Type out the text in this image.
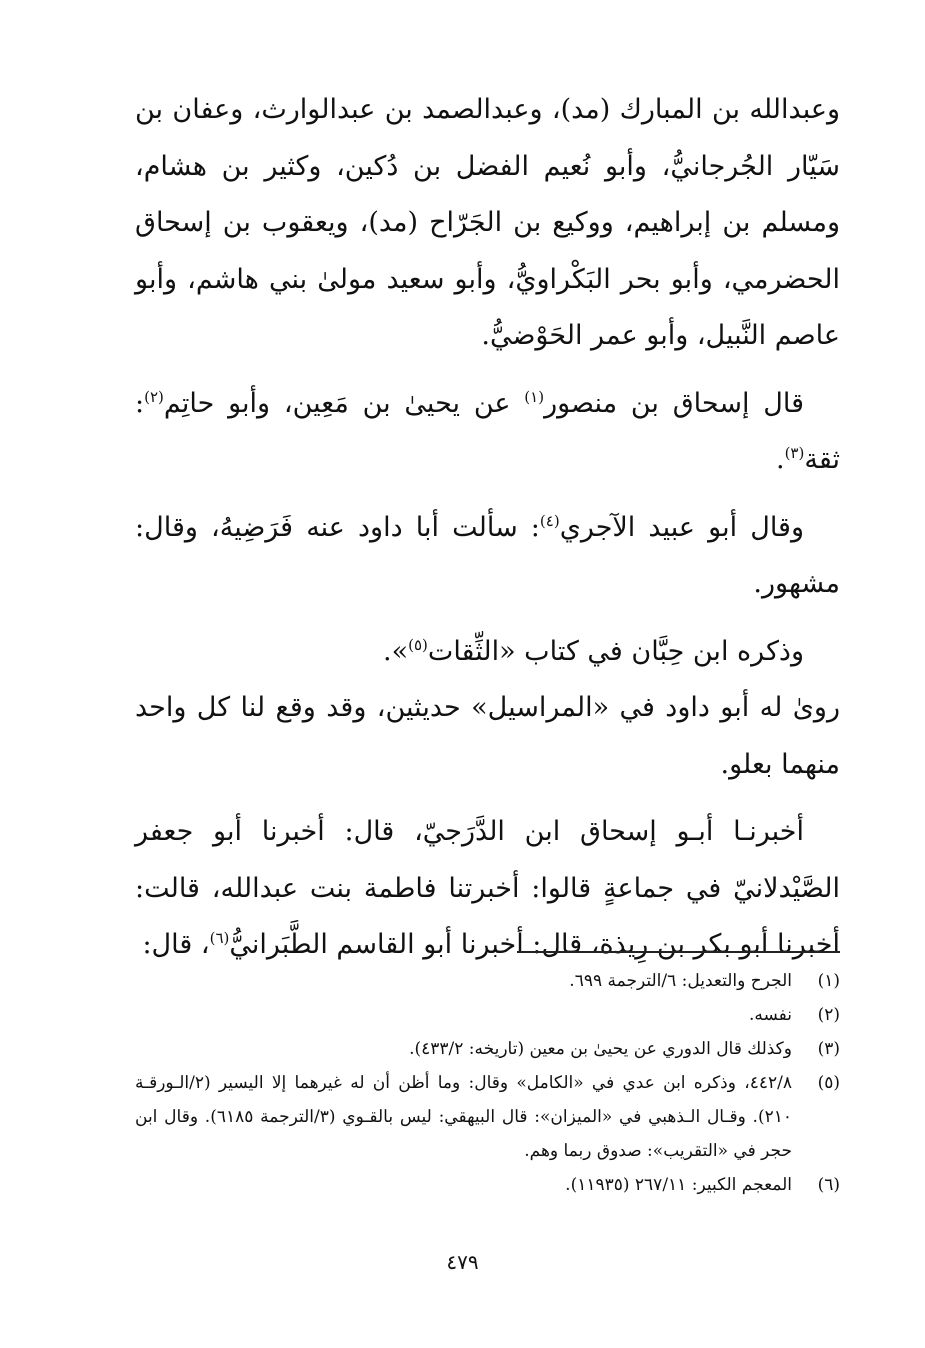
وعبدالله بن المبارك (مد)، وعبدالصمد بن عبدالوارث، وعفان بن سَيّار الجُرجانيُّ، وأبو نُعيم الفضل بن دُكين، وكثير بن هشام، ومسلم بن إبراهيم، ووكيع بن الجَرّاح (مد)، ويعقوب بن إسحاق الحضرمي، وأبو بحر البَكْراويُّ، وأبو سعيد مولىٰ بني هاشم، وأبو عاصم النَّبيل، وأبو عمر الحَوْضيُّ.

قال إسحاق بن منصور$^{(١)}$ عن يحيىٰ بن مَعِين، وأبو حاتِم$^{(٢)}$: ثقة$^{(٣)}$.

وقال أبو عبيد الآجري$^{(٤)}$: سألت أبا داود عنه فَرَضِيهُ، وقال: مشهور.

وذكره ابن حِبَّان في كتاب «الثِّقات$^{(٥)}$».

روىٰ له أبو داود في «المراسيل» حديثين، وقد وقع لنا كل واحد منهما بعلو.

أخبرنـا أبـو إسحاق ابن الدَّرَجيّ، قال: أخبرنا أبو جعفر الصَّيْدلانيّ في جماعةٍ قالوا: أخبرتنا فاطمة بنت عبدالله، قالت: أخبرنا أبو بكر بن رِيذة، قال: أخبرنا أبو القاسم الطَّبَرانيُّ$^{(٦)}$، قال:

(١)
الجرح والتعديل: ٦/الترجمة ٦٩٩.
(٢)
نفسه.
(٣)
وكذلك قال الدوري عن يحيىٰ بن معين (تاريخه: ٤٣٣/٢).
(٥)
٤٤٢/٨، وذكره ابن عدي في «الكامل» وقال: وما أظن أن له غيرهما إلا اليسير (٢/الـورقـة ٢١٠). وقـال الـذهبي في «الميزان»: قال البيهقي: ليس بالقـوي (٣/الترجمة ٦١٨٥). وقال ابن حجر في «التقريب»: صدوق ربما وهم.
(٦)
المعجم الكبير: ٢٦٧/١١ (١١٩٣٥).
٤٧٩
